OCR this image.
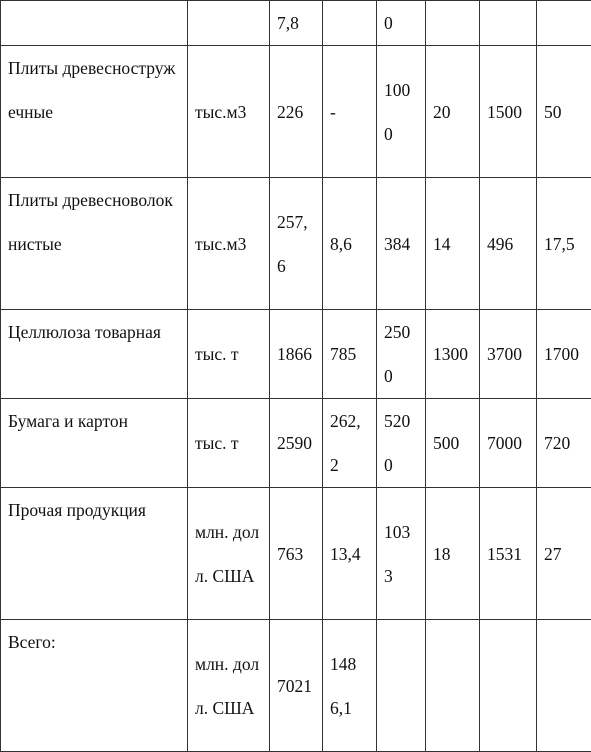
		7,8		0			
Плиты древесностружечные	тыс.м3	226	-	1000	20	1500	50
Плиты древесноволокнистые	тыс.м3	257,6	8,6	384	14	496	17,5
Целлюлоза товарная	тыс. т	1866	785	2500	1300	3700	1700
Бумага и картон	тыс. т	2590	262,2	5200	500	7000	720
Прочая продукция	млн. долл. США	763	13,4	1033	18	1531	27
Всего:	млн. долл. США	7021	1486,1				
